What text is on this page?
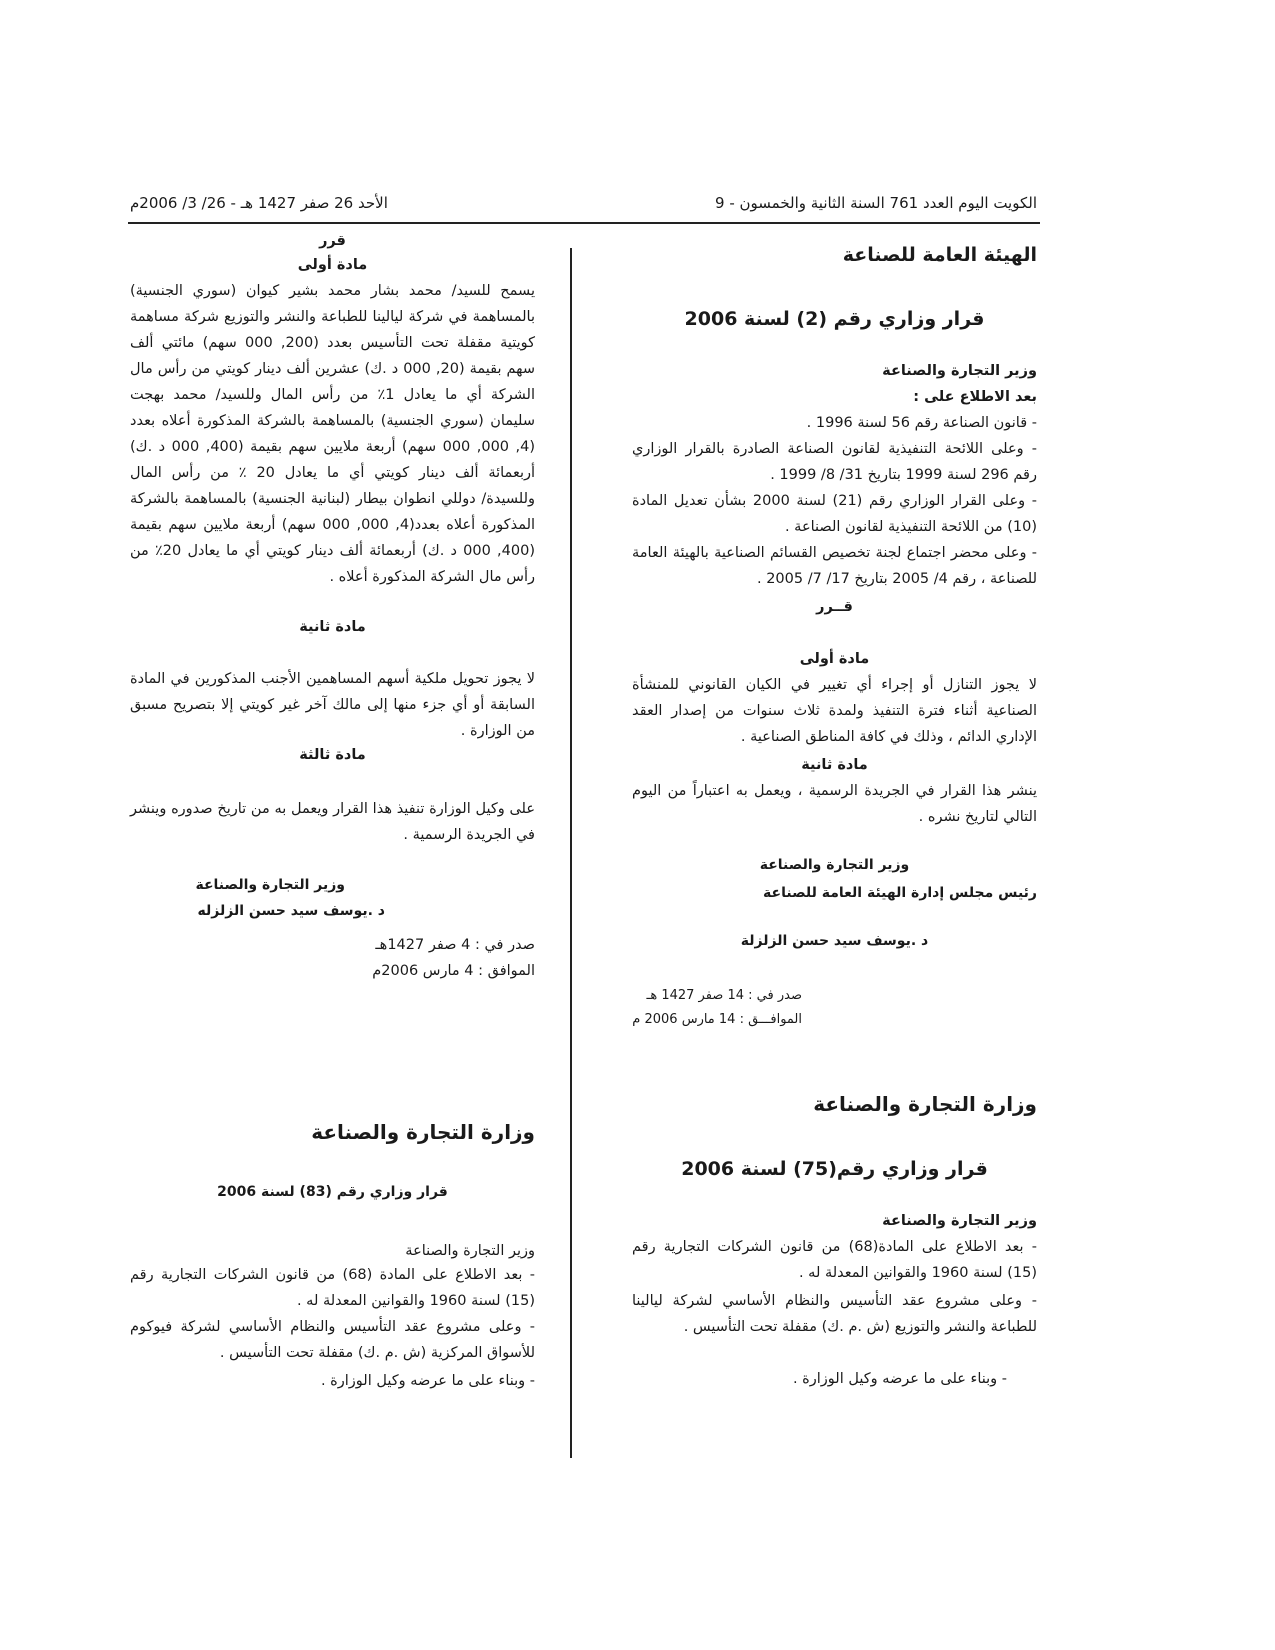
الكويت اليوم العدد 761 السنة الثانية والخمسون - 9
الأحد 26 صفر 1427 هـ - 26/ 3/ 2006م
الهيئة العامة للصناعة
قرار وزاري رقم (2) لسنة 2006
وزير التجارة والصناعة
بعد الاطلاع على :
- قانون الصناعة رقم 56 لسنة 1996 .
- وعلى اللائحة التنفيذية لقانون الصناعة الصادرة بالقرار الوزاري رقم 296 لسنة 1999 بتاريخ 31/ 8/ 1999 .
- وعلى القرار الوزاري رقم (21) لسنة 2000 بشأن تعديل المادة (10) من اللائحة التنفيذية لقانون الصناعة .
- وعلى محضر اجتماع لجنة تخصيص القسائم الصناعية بالهيئة العامة للصناعة ، رقم 4/ 2005 بتاريخ 17/ 7/ 2005 .
قــرر
مادة أولى
لا يجوز التنازل أو إجراء أي تغيير في الكيان القانوني للمنشأة الصناعية أثناء فترة التنفيذ ولمدة ثلاث سنوات من إصدار العقد الإداري الدائم ، وذلك في كافة المناطق الصناعية .
مادة ثانية
ينشر هذا القرار في الجريدة الرسمية ، ويعمل به اعتباراً من اليوم التالي لتاريخ نشره .
وزير التجارة والصناعة
رئيس مجلس إدارة الهيئة العامة للصناعة
د .يوسف سيد حسن الزلزلة
صدر في : 14 صفر 1427 هـ
الموافـــق : 14 مارس 2006 م
وزارة التجارة والصناعة
قرار وزاري رقم(75) لسنة 2006
وزير التجارة والصناعة
- بعد الاطلاع على المادة(68) من قانون الشركات التجارية رقم (15) لسنة 1960 والقوانين المعدلة له .
- وعلى مشروع عقد التأسيس والنظام الأساسي لشركة ليالينا للطباعة والنشر والتوزيع (ش .م .ك) مقفلة تحت التأسيس .
- وبناء على ما عرضه وكيل الوزارة .
قرر
مادة أولى
يسمح للسيد/ محمد بشار محمد بشير كيوان (سوري الجنسية) بالمساهمة في شركة ليالينا للطباعة والنشر والتوزيع شركة مساهمة كويتية مقفلة تحت التأسيس بعدد (200, 000 سهم) مائتي ألف سهم بقيمة (20, 000 د .ك) عشرين ألف دينار كويتي من رأس مال الشركة أي ما يعادل 1٪ من رأس المال وللسيد/ محمد بهجت سليمان (سوري الجنسية) بالمساهمة بالشركة المذكورة أعلاه بعدد (4, 000, 000 سهم) أربعة ملايين سهم بقيمة (400, 000 د .ك) أربعمائة ألف دينار كويتي أي ما يعادل 20 ٪ من رأس المال وللسيدة/ دوللي انطوان بيطار (لبنانية الجنسية) بالمساهمة بالشركة المذكورة أعلاه بعدد(4, 000, 000 سهم) أربعة ملايين سهم بقيمة (400, 000 د .ك) أربعمائة ألف دينار كويتي أي ما يعادل 20٪ من رأس مال الشركة المذكورة أعلاه .
مادة ثانية
لا يجوز تحويل ملكية أسهم المساهمين الأجنب المذكورين في المادة السابقة أو أي جزء منها إلى مالك آخر غير كويتي إلا بتصريح مسبق من الوزارة .
مادة ثالثة
على وكيل الوزارة تنفيذ هذا القرار ويعمل به من تاريخ صدوره وينشر في الجريدة الرسمية .
وزير التجارة والصناعة
د .يوسف سيد حسن الزلزله
صدر في : 4 صفر 1427هـ
الموافق : 4 مارس 2006م
وزارة التجارة والصناعة
قرار وزاري رقم (83) لسنة 2006
وزير التجارة والصناعة
- بعد الاطلاع على المادة (68) من قانون الشركات التجارية رقم (15) لسنة 1960 والقوانين المعدلة له .
- وعلى مشروع عقد التأسيس والنظام الأساسي لشركة فيوكوم للأسواق المركزية (ش .م .ك) مقفلة تحت التأسيس .
- وبناء على ما عرضه وكيل الوزارة .
